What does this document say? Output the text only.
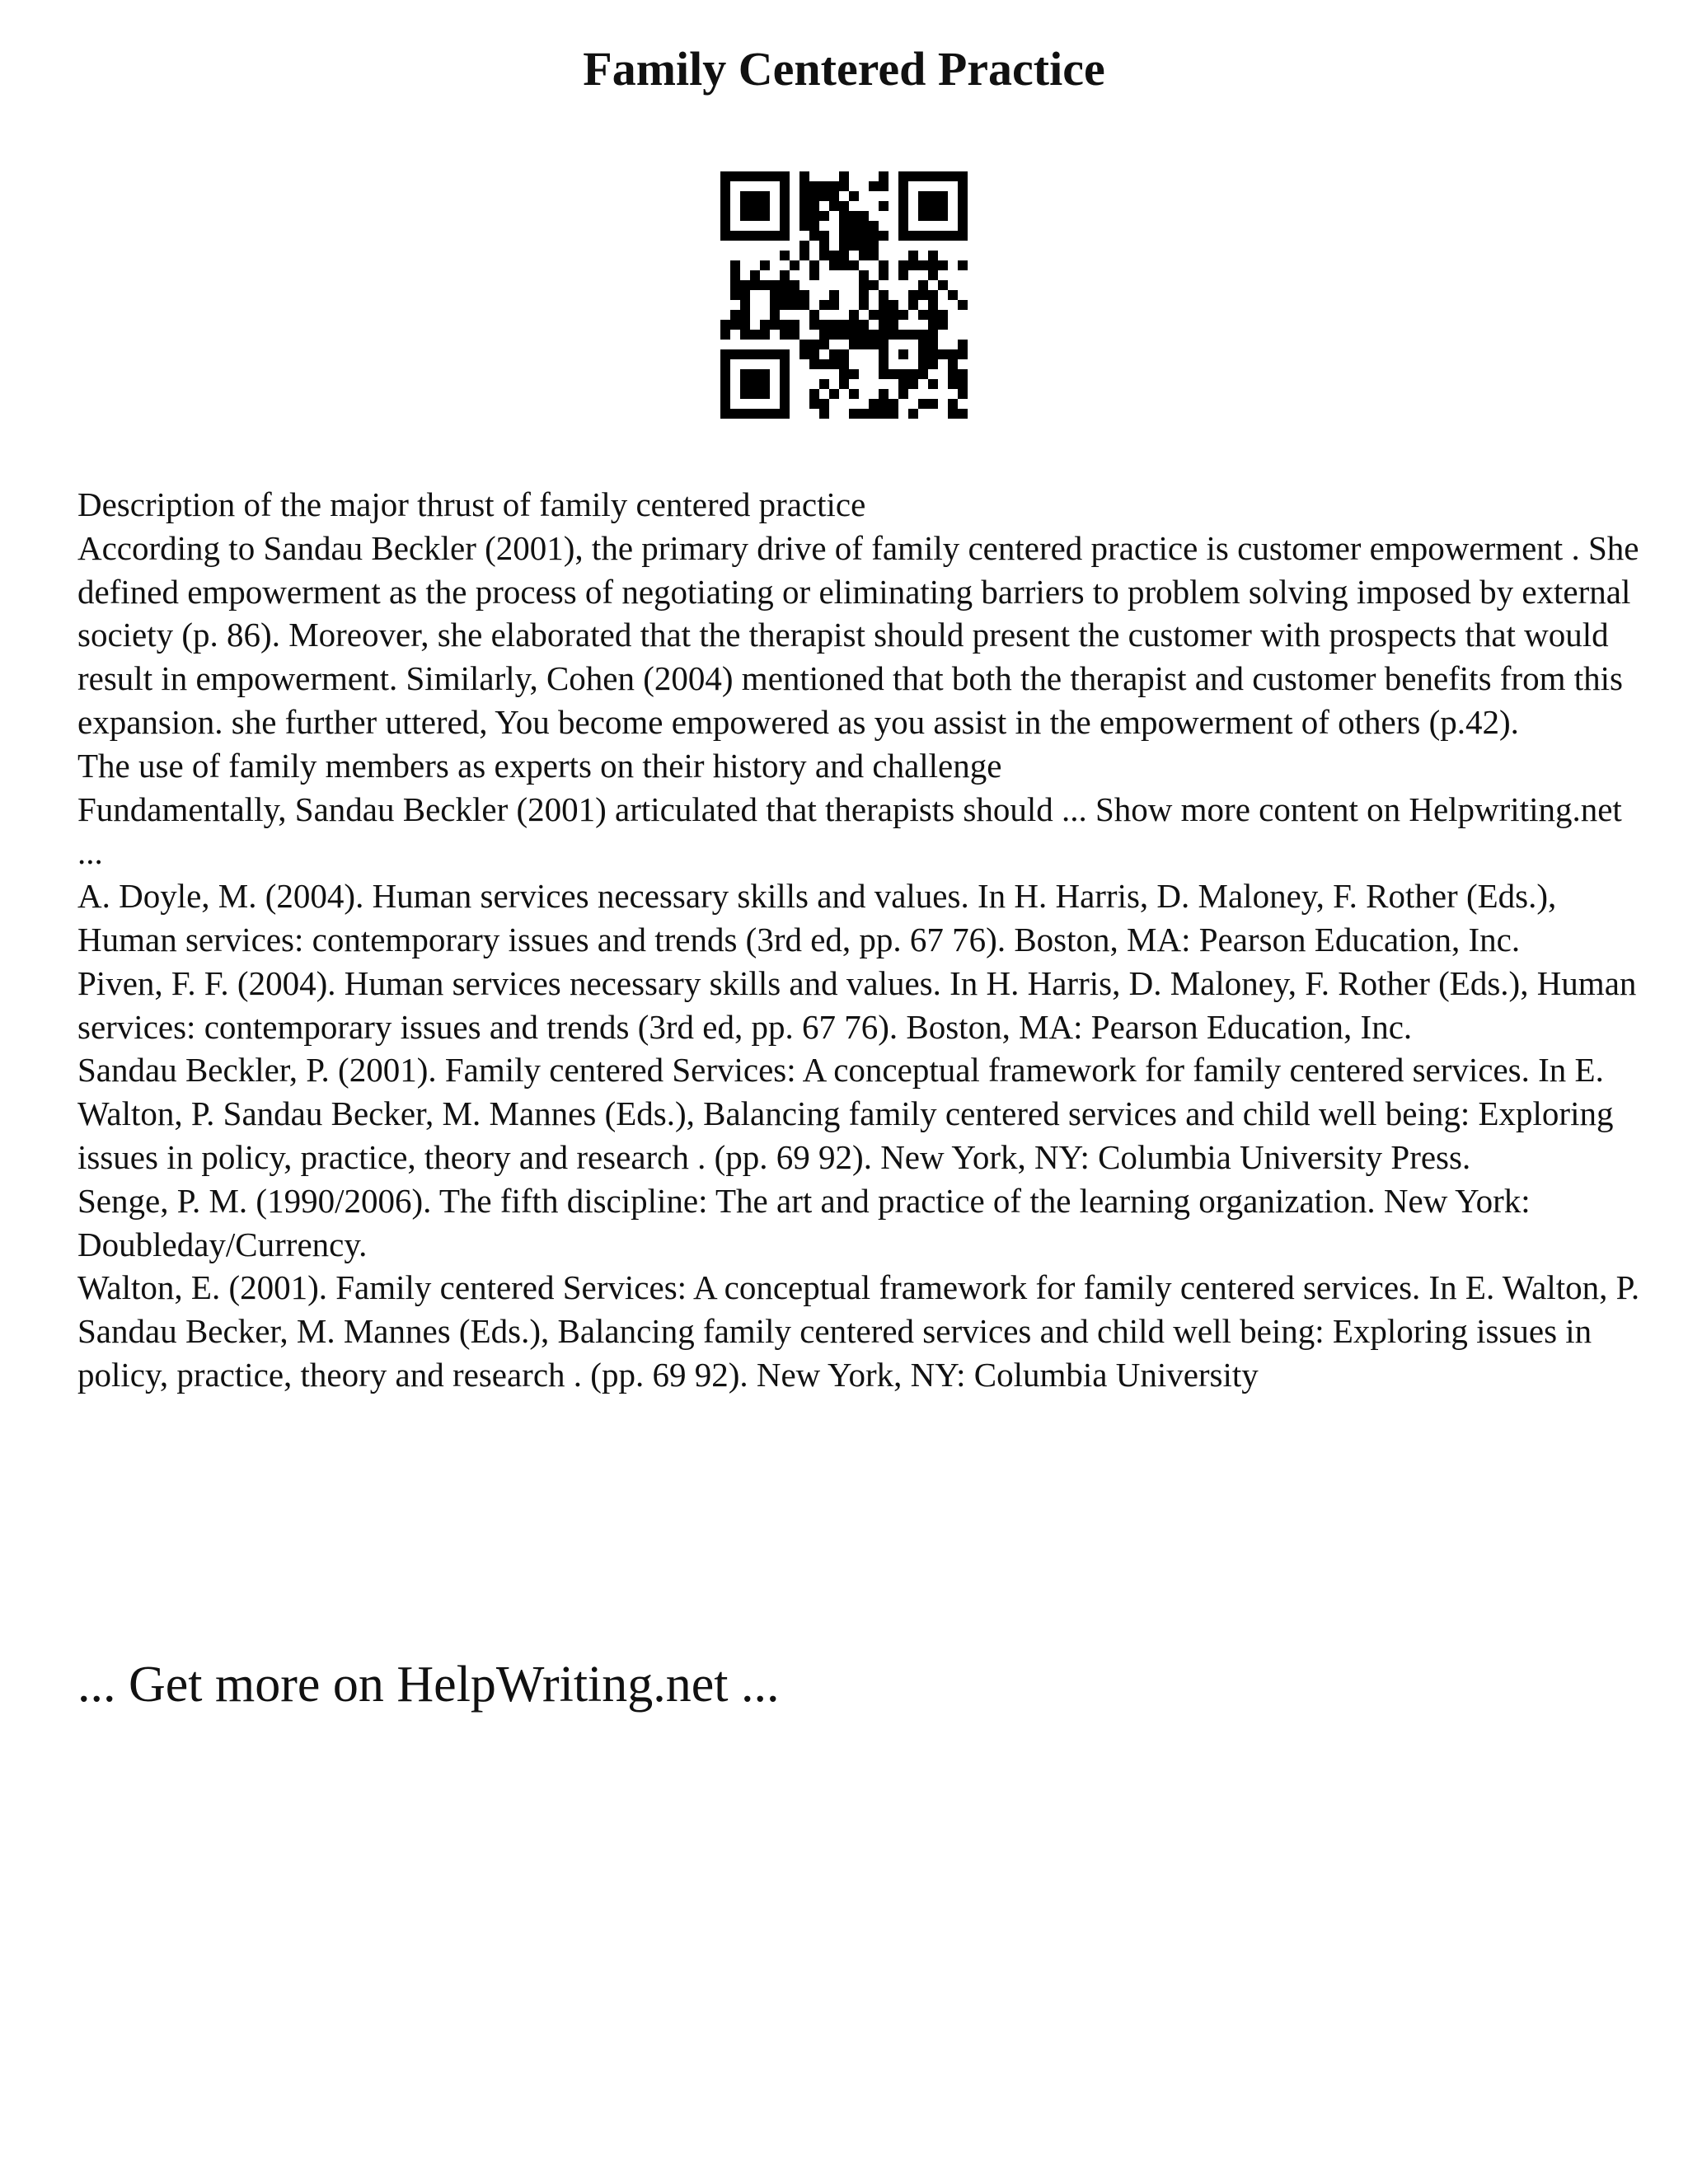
Family Centered Practice

Description of the major thrust of family centered practice

According to Sandau Beckler (2001), the primary drive of family centered practice is customer empowerment . She defined empowerment as the process of negotiating or eliminating barriers to problem solving imposed by external society (p. 86). Moreover, she elaborated that the therapist should present the customer with prospects that would result in empowerment. Similarly, Cohen (2004) mentioned that both the therapist and customer benefits from this expansion. she further uttered, You become empowered as you assist in the empowerment of others (p.42).

The use of family members as experts on their history and challenge

Fundamentally, Sandau Beckler (2001) articulated that therapists should ... Show more content on Helpwriting.net ...

A. Doyle, M. (2004). Human services necessary skills and values. In H. Harris, D. Maloney, F. Rother (Eds.), Human services: contemporary issues and trends (3rd ed, pp. 67 76). Boston, MA: Pearson Education, Inc.

Piven, F. F. (2004). Human services necessary skills and values. In H. Harris, D. Maloney, F. Rother (Eds.), Human services: contemporary issues and trends (3rd ed, pp. 67 76). Boston, MA: Pearson Education, Inc.

Sandau Beckler, P. (2001). Family centered Services: A conceptual framework for family centered services. In E. Walton, P. Sandau Becker, M. Mannes (Eds.), Balancing family centered services and child well being: Exploring issues in policy, practice, theory and research . (pp. 69 92). New York, NY: Columbia University Press.

Senge, P. M. (1990/2006). The fifth discipline: The art and practice of the learning organization. New York: Doubleday/Currency.

Walton, E. (2001). Family centered Services: A conceptual framework for family centered services. In E. Walton, P. Sandau Becker, M. Mannes (Eds.), Balancing family centered services and child well being: Exploring issues in policy, practice, theory and research . (pp. 69 92). New York, NY: Columbia University

... Get more on HelpWriting.net ...
